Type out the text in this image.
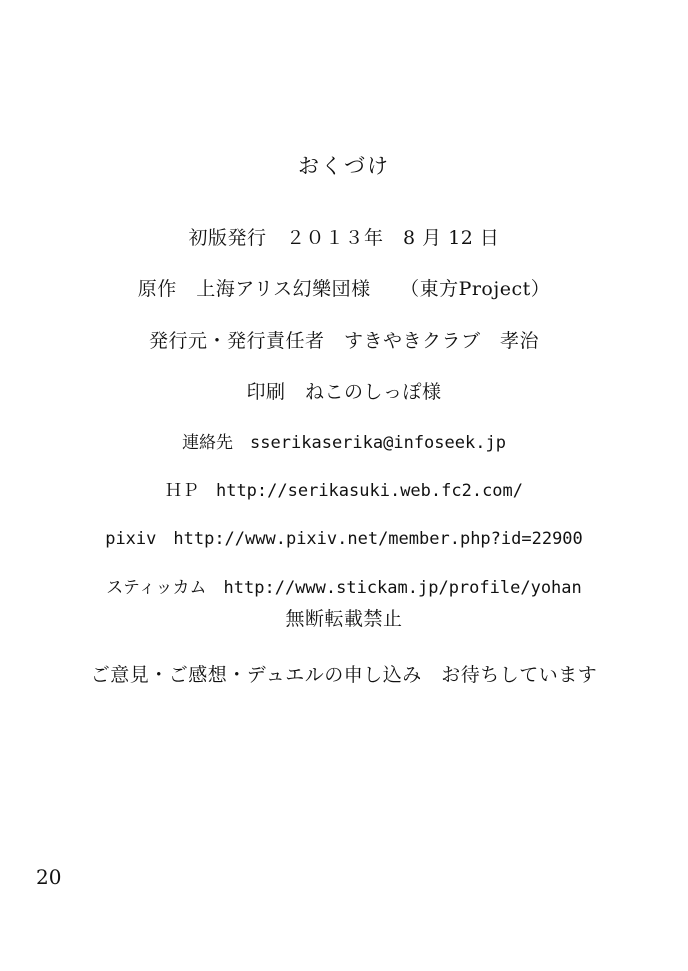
おくづけ
初版発行　２０１３年　8 月 12 日
原作　上海アリス幻樂団様　　（東方Project）
発行元・発行責任者　すきやきクラブ　孝治
印刷　ねこのしっぽ様
連絡先　sserikaserika@infoseek.jp
ＨＰ　http://serikasuki.web.fc2.com/
pixiv　http://www.pixiv.net/member.php?id=22900
スティッカム　http://www.stickam.jp/profile/yohan
無断転載禁止
ご意見・ご感想・デュエルの申し込み　お待ちしています
20
